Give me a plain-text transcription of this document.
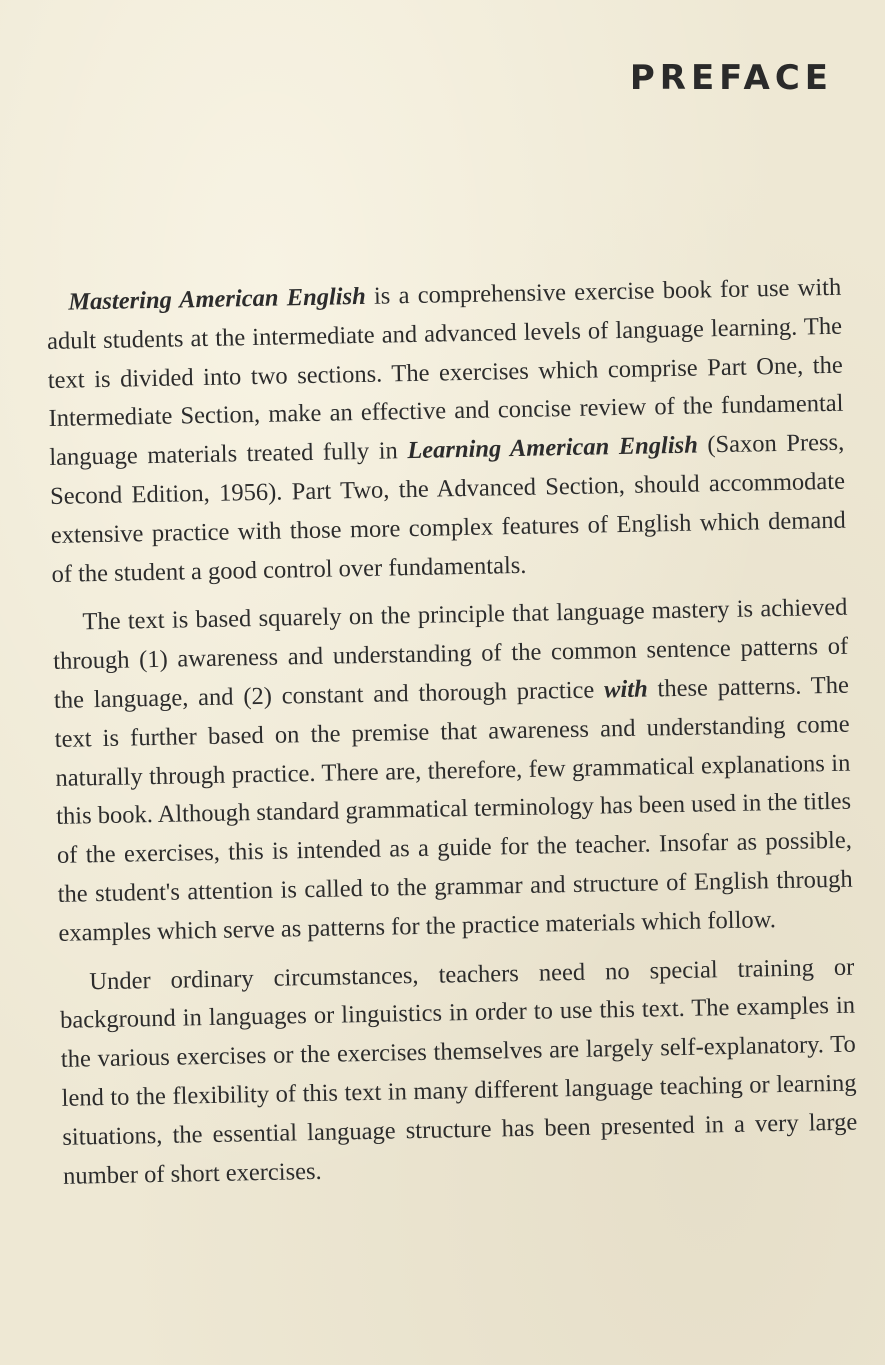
PREFACE

Mastering American English is a comprehensive exercise book for use with adult students at the intermediate and advanced levels of language learning. The text is divided into two sections. The exercises which comprise Part One, the Intermediate Section, make an effective and concise review of the fundamental language materials treated fully in Learning American English (Saxon Press, Second Edition, 1956). Part Two, the Advanced Section, should accommodate extensive practice with those more complex features of English which demand of the student a good control over fundamentals.

The text is based squarely on the principle that language mastery is achieved through (1) awareness and understanding of the common sentence patterns of the language, and (2) constant and thorough practice with these patterns. The text is further based on the premise that awareness and understanding come naturally through practice. There are, therefore, few grammatical explanations in this book. Although standard grammatical terminology has been used in the titles of the exercises, this is intended as a guide for the teacher. Insofar as possible, the student's attention is called to the grammar and structure of English through examples which serve as patterns for the practice materials which follow.

Under ordinary circumstances, teachers need no special training or background in languages or linguistics in order to use this text. The examples in the various exercises or the exercises themselves are largely self-explanatory. To lend to the flexibility of this text in many different language teaching or learning situations, the essential language structure has been presented in a very large number of short exercises.
